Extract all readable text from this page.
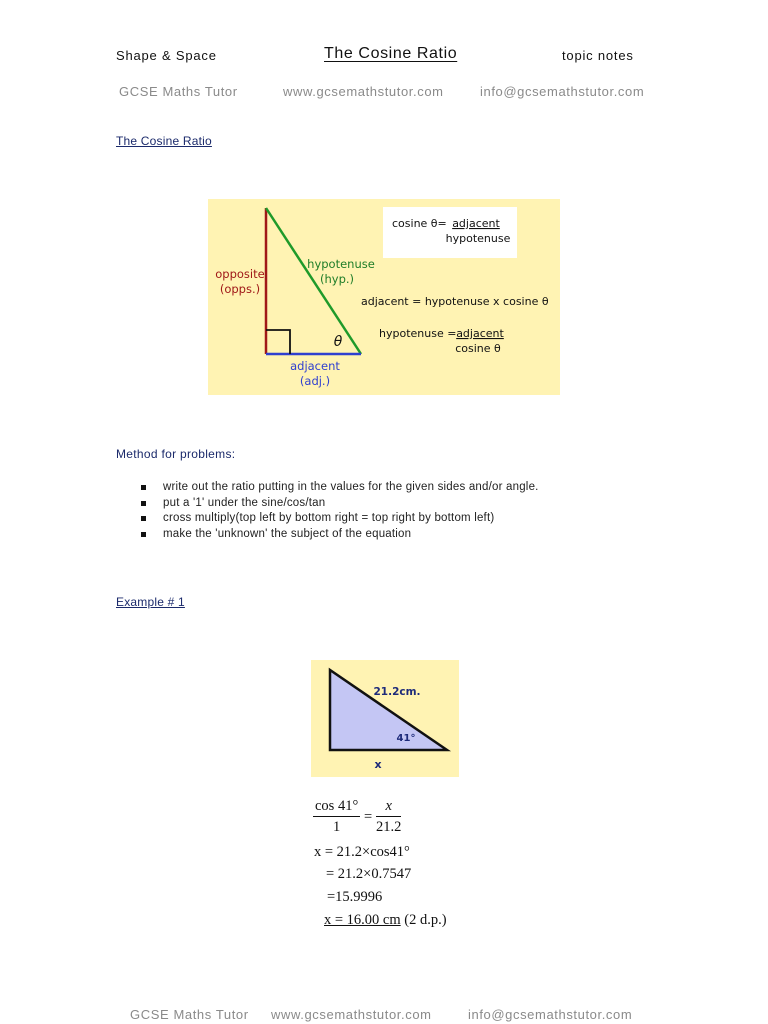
Shape & Space	The Cosine Ratio	topic notes
GCSE Maths Tutor	www.gcsemathstutor.com	info@gcsemathstutor.com
The Cosine Ratio
opposite
(opps.)
hypotenuse
(hyp.)
θ
adjacent
(adj.)
cosine θ= adjacent
hypotenuse
adjacent = hypotenuse x cosine θ
hypotenuse = adjacent
cosine θ
Method for problems:
write out the ratio putting in the values for the given sides and/or angle.
put a '1' under the sine/cos/tan
cross multiply(top left by bottom right = top right by bottom left)
make the 'unknown' the subject of the equation
Example # 1
21.2cm.
41°
x
$\frac{\cos 41^\circ}{1} = \frac{x}{21.2}$
x = 21.2×cos41°
= 21.2×0.7547
=15.9996
x = 16.00 cm (2 d.p.)
GCSE Maths Tutor www.gcsemathstutor.com	info@gcsemathstutor.com
